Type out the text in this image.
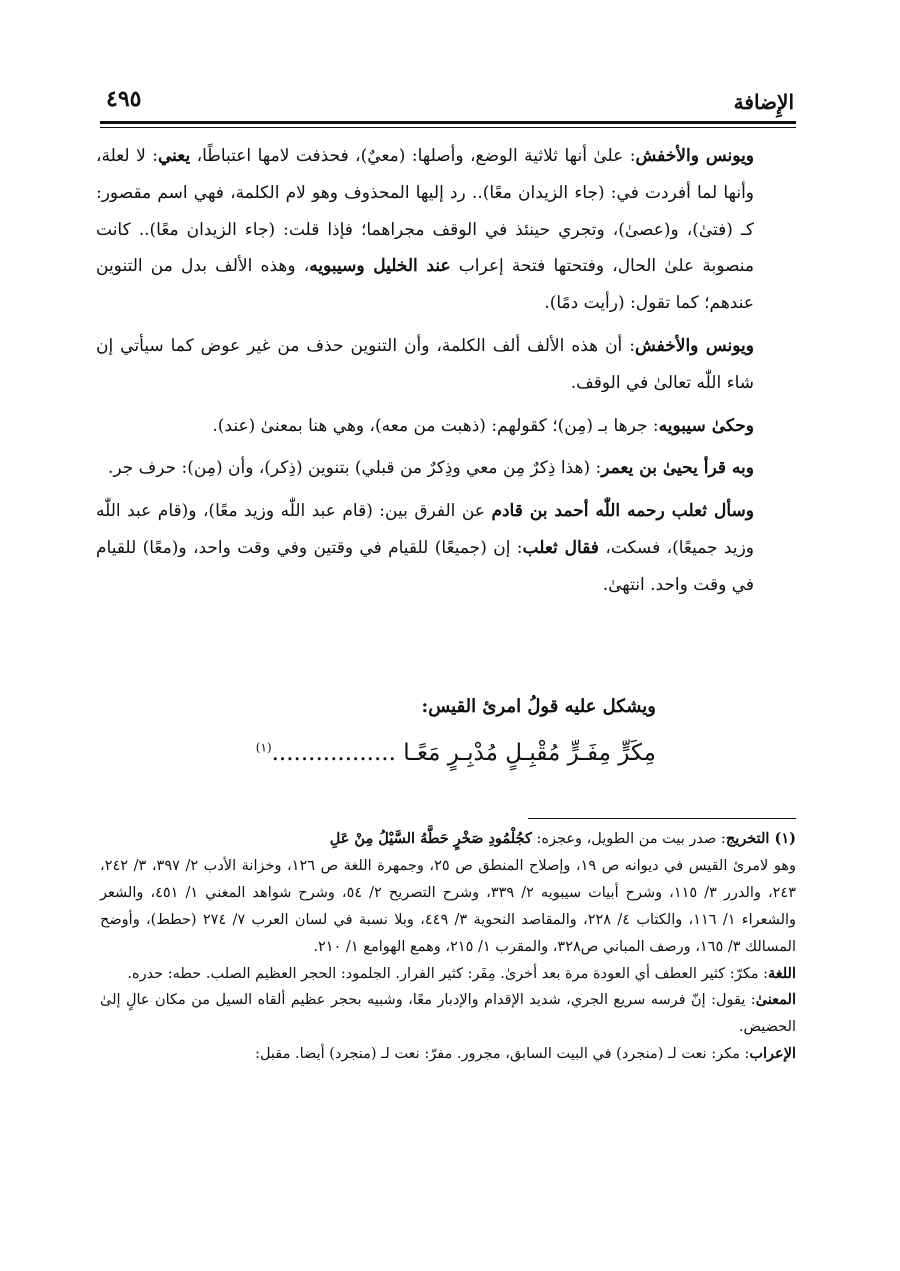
الإِضافة
٤٩٥

ويونس والأخفش: علىٰ أنها ثلاثية الوضع، وأصلها: (معيٌ)، فحذفت لامها اعتباطًا، يعني: لا لعلة، وأنها لما أفردت في: (جاء الزيدان معًا).. رد إليها المحذوف وهو لام الكلمة، فهي اسم مقصور: كـ (فتىٰ)، و(عصىٰ)، وتجري حينئذ في الوقف مجراهما؛ فإذا قلت: (جاء الزيدان معًا).. كانت منصوبة علىٰ الحال، وفتحتها فتحة إعراب عند الخليل وسيبويه، وهذه الألف بدل من التنوين عندهم؛ كما تقول: (رأيت دمًا).

ويونس والأخفش: أن هذه الألف ألف الكلمة، وأن التنوين حذف من غير عوض كما سيأتي إن شاء اللّٰه تعالىٰ في الوقف.

وحكىٰ سيبويه: جرها بـ (مِن)؛ كقولهم: (ذهبت من معه)، وهي هنا بمعنىٰ (عند).

وبه قرأ يحيىٰ بن يعمر: (هذا ذِكرٌ مِن معي وذِكرٌ من قبلي) بتنوين (ذِكر)، وأن (مِن): حرف جر.

وسأل ثعلب رحمه اللّٰه أحمد بن قادم عن الفرق بين: (قام عبد اللّٰه وزيد معًا)، و(قام عبد اللّٰه وزيد جميعًا)، فسكت، فقال ثعلب: إن (جميعًا) للقيام في وقتين وفي وقت واحد، و(معًا) للقيام في وقت واحد. انتهىٰ.

ويشكل عليه قولُ امرئ القيس:
مِكَرٍّ مِفَـرٍّ مُقْبِـلٍ مُدْبِـرٍ مَعًـا .................$^{(١)}$

(١) التخريج: صدر بيت من الطويل، وعجزه: كجُلْمُودِ صَخْرٍ حَطَّهُ السَّيْلُ مِنْ عَلِ

وهو لامرئ القيس في ديوانه ص ١٩، وإصلاح المنطق ص ٢٥، وجمهرة اللغة ص ١٢٦، وخزانة الأدب ٢/ ٣٩٧، ٣/ ٢٤٢، ٢٤٣، والدرر ٣/ ١١٥، وشرح أبيات سيبويه ٢/ ٣٣٩، وشرح التصريح ٢/ ٥٤، وشرح شواهد المغني ١/ ٤٥١، والشعر والشعراء ١/ ١١٦، والكتاب ٤/ ٢٢٨، والمقاصد النحوية ٣/ ٤٤٩، وبلا نسبة في لسان العرب ٧/ ٢٧٤ (حطط)، وأوضح المسالك ٣/ ١٦٥، ورصف المباني ص٣٢٨، والمقرب ١/ ٢١٥، وهمع الهوامع ١/ ٢١٠.

اللغة: مكرّ: كثير العطف أي العودة مرة بعد أخرىٰ. مِفَر: كثير الفرار. الجلمود: الحجر العظيم الصلب. حطه: حدره.

المعنىٰ: يقول: إنّ فرسه سريع الجري، شديد الإقدام والإدبار معًا، وشبيه بحجر عظيم ألقاه السيل من مكان عالٍ إلىٰ الحضيض.

الإعراب: مكر: نعت لـ (منجرد) في البيت السابق، مجرور. مفرّ: نعت لـ (منجرد) أيضا. مقبل:
